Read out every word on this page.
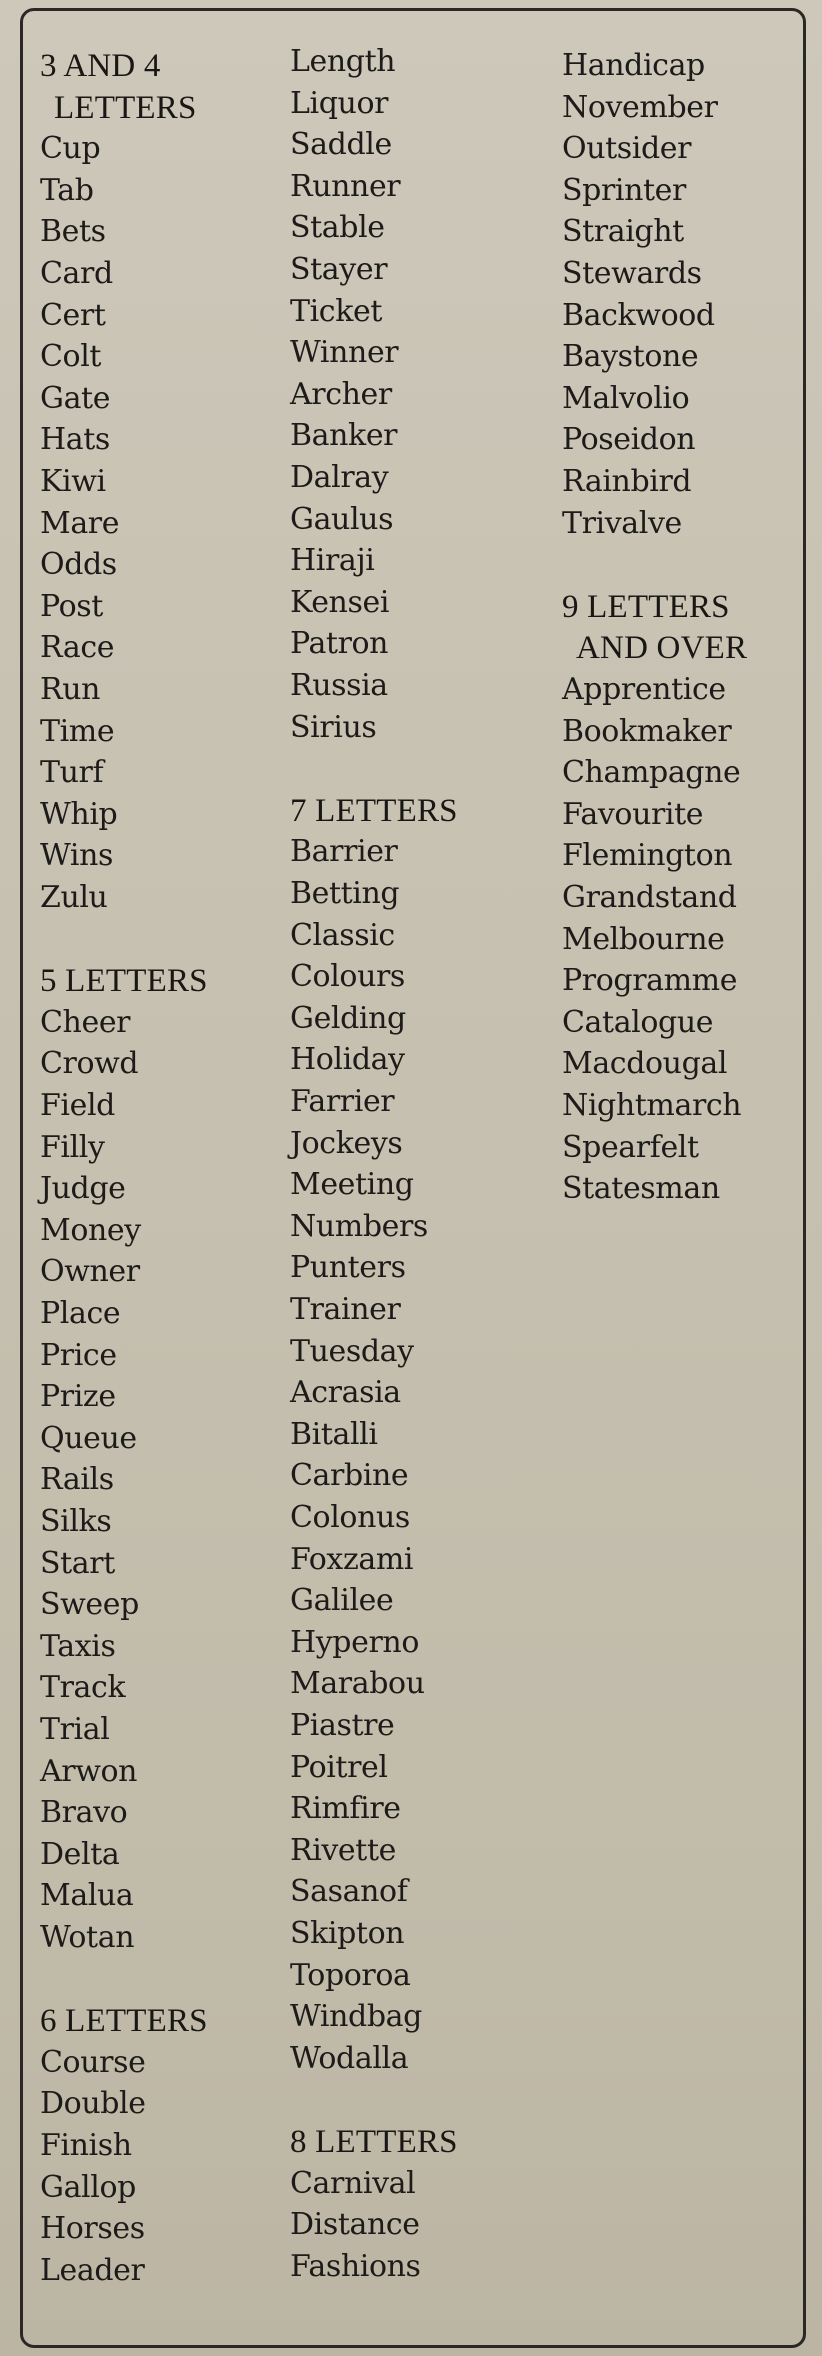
3 AND 4
LETTERS
Cup
Tab
Bets
Card
Cert
Colt
Gate
Hats
Kiwi
Mare
Odds
Post
Race
Run
Time
Turf
Whip
Wins
Zulu
5 LETTERS
Cheer
Crowd
Field
Filly
Judge
Money
Owner
Place
Price
Prize
Queue
Rails
Silks
Start
Sweep
Taxis
Track
Trial
Arwon
Bravo
Delta
Malua
Wotan
6 LETTERS
Course
Double
Finish
Gallop
Horses
Leader
Length
Liquor
Saddle
Runner
Stable
Stayer
Ticket
Winner
Archer
Banker
Dalray
Gaulus
Hiraji
Kensei
Patron
Russia
Sirius
7 LETTERS
Barrier
Betting
Classic
Colours
Gelding
Holiday
Farrier
Jockeys
Meeting
Numbers
Punters
Trainer
Tuesday
Acrasia
Bitalli
Carbine
Colonus
Foxzami
Galilee
Hyperno
Marabou
Piastre
Poitrel
Rimfire
Rivette
Sasanof
Skipton
Toporoa
Windbag
Wodalla
8 LETTERS
Carnival
Distance
Fashions
Handicap
November
Outsider
Sprinter
Straight
Stewards
Backwood
Baystone
Malvolio
Poseidon
Rainbird
Trivalve
9 LETTERS
AND OVER
Apprentice
Bookmaker
Champagne
Favourite
Flemington
Grandstand
Melbourne
Programme
Catalogue
Macdougal
Nightmarch
Spearfelt
Statesman
